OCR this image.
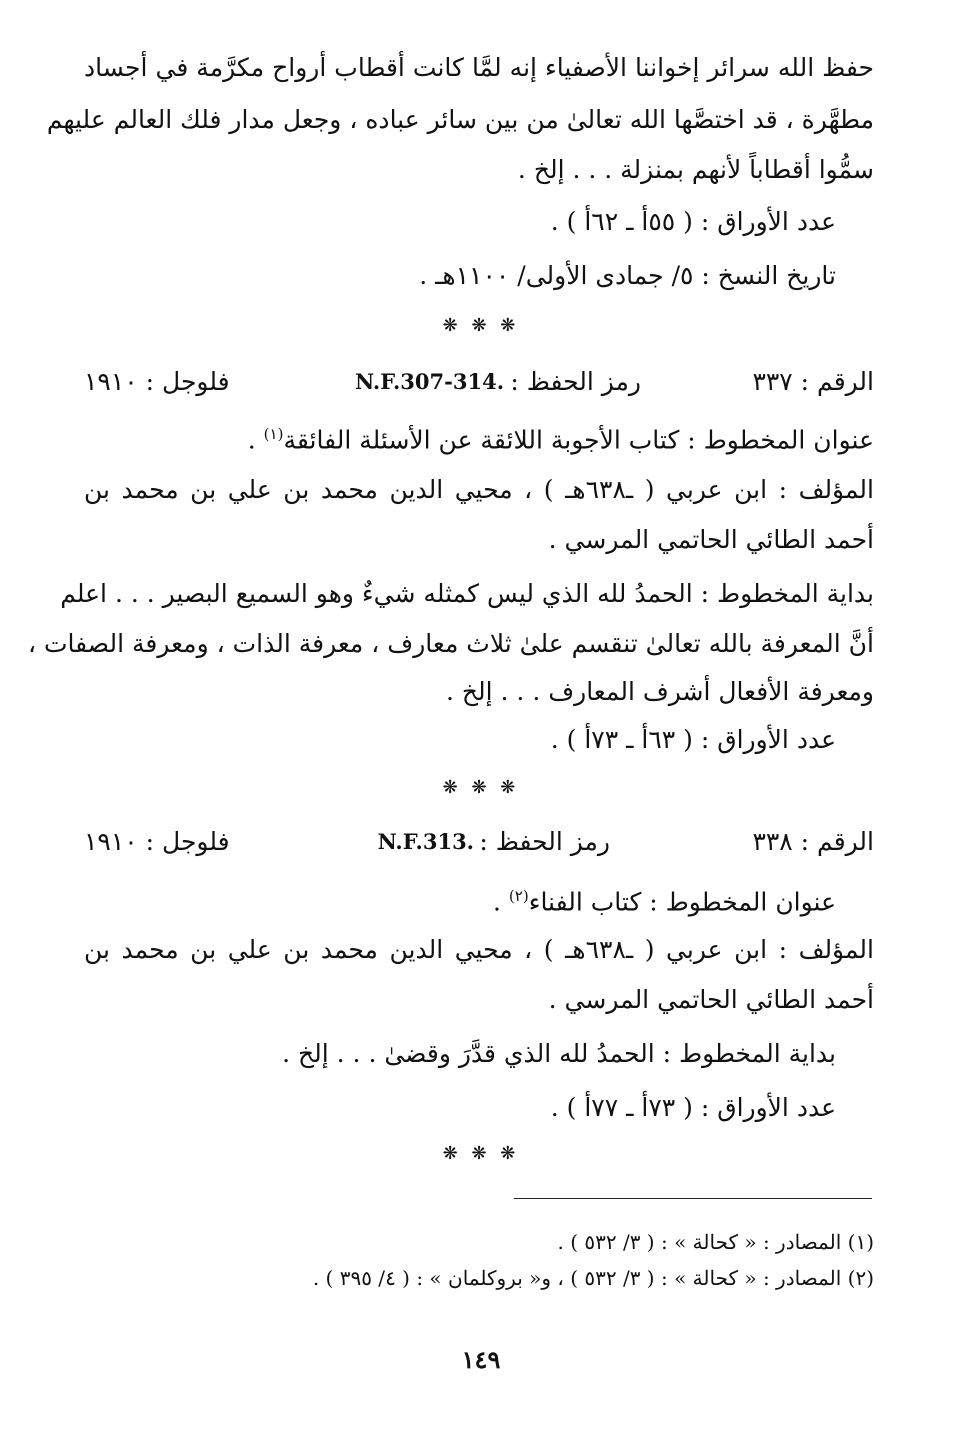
حفظ الله سرائر إخواننا الأصفياء إنه لمَّا كانت أقطاب أرواح مكرَّمة في أجساد

مطهَّرة ، قد اختصَّها الله تعالىٰ من بين سائر عباده ، وجعل مدار فلك العالم عليهم

سمُّوا أقطاباً لأنهم بمنزلة . . . إلخ .

عدد الأوراق : ( ٥٥أ ـ ٦٢أ ) .

تاريخ النسخ : ٥/ جمادى الأولى/ ١١٠٠هـ .

❋ ❋ ❋
الرقم : ٣٣٧
رمز الحفظ :
N.F.307-314.
فلوجل : ١٩١٠

عنوان المخطوط : كتاب الأجوبة اللائقة عن الأسئلة الفائقة$^{(١)}$ .

المؤلف : ابن عربي ( ـ٦٣٨هـ ) ، محيي الدين محمد بن علي بن محمد بن

أحمد الطائي الحاتمي المرسي .

بداية المخطوط : الحمدُ لله الذي ليس كمثله شيءٌ وهو السميع البصير . . . اعلم

أنَّ المعرفة بالله تعالىٰ تنقسم علىٰ ثلاث معارف ، معرفة الذات ، ومعرفة الصفات ،

ومعرفة الأفعال أشرف المعارف . . . إلخ .

عدد الأوراق : ( ٦٣أ ـ ٧٣أ ) .

❋ ❋ ❋
الرقم : ٣٣٨
رمز الحفظ :
N.F.313.
فلوجل : ١٩١٠

عنوان المخطوط : كتاب الفناء$^{(٢)}$ .

المؤلف : ابن عربي ( ـ٦٣٨هـ ) ، محيي الدين محمد بن علي بن محمد بن

أحمد الطائي الحاتمي المرسي .

بداية المخطوط : الحمدُ لله الذي قدَّرَ وقضىٰ . . . إلخ .

عدد الأوراق : ( ٧٣أ ـ ٧٧أ ) .

❋ ❋ ❋

(١) المصادر : « كحالة » : ( ٣/ ٥٣٢ ) .

(٢) المصادر : « كحالة » : ( ٣/ ٥٣٢ ) ، و« بروكلمان » : ( ٤/ ٣٩٥ ) .

١٤٩
